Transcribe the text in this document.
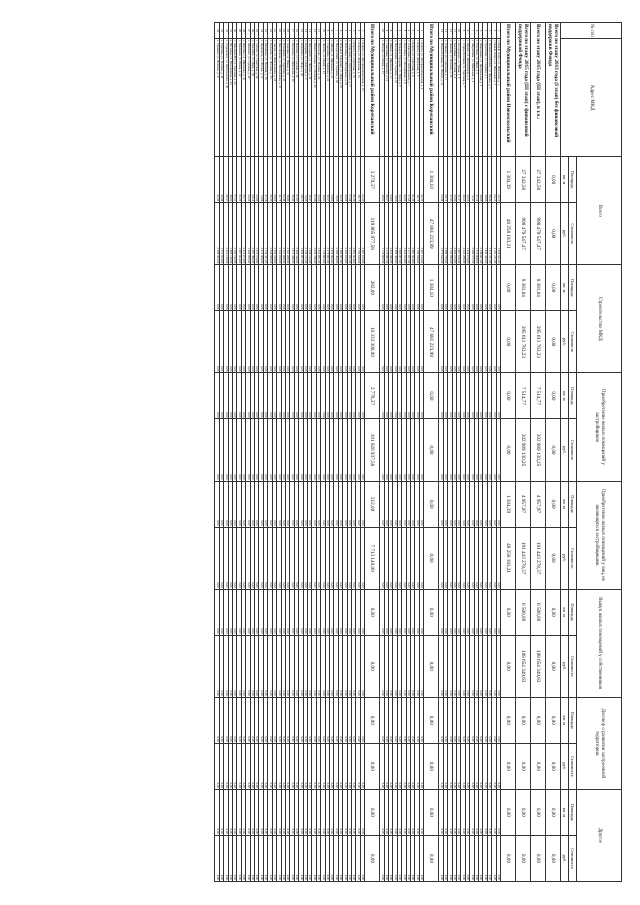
№ п/п	Адрес МКД	Всего		Строительство МКД		Приобретение жилых помещений у застройщиков		Приобретение жилых помещений у лиц, не являющихся застройщиками		Выкуп жилых помещений у собственников		Договор о развитии застроенной территории		Другое	
		Площадь	Стоимость	Площадь	Стоимость	Площадь	Стоимость	Площадь	Стоимость	Площадь	Стоимость	Площадь	Стоимость	Площадь	Стоимость
		кв. м	руб.	кв. м	руб.	кв. м	руб.	кв. м	руб.	кв. м	руб.	кв. м	руб.	кв. м	руб.
Всего по этапу 2013 года (I этап) без финансовой поддержки Фонда		0,00	0,00	0,00	0,00	0,00	0,00	0,00	0,00	0,00	0,00	0,00	0,00	0,00	0,00
Всего по этапу 2015 года (III этап), в т.ч.:		27 342,58	998 479 547,47	8 361,84	395 611 763,23	7 514,77	302 909 130,25	4 957,97	191 443 278,37	6 508,00	108 654 349,63	0,00	0,00	0,00	0,00
Всего по этапу 2015 года (III этап) с финансовой поддержкой Фонда		27 342,58	998 479 547,47	8 361,84	395 611 763,23	7 514,77	302 909 130,25	4 957,97	191 443 278,37	6 508,00	108 654 349,63	0,00	0,00	0,00	0,00
Итого по Муниципальный район Новооскольский		1 304,39	48 258 183,21	0,00	0,00	0,00	0,00	1 304,39	48 258 183,21	0,00	0,00	0,00	0,00	0,00	0,00
1	г. Новый Оскол, ул. Ливенская, д. 1	52,10	1 928 561,00	0,00	0,00	0,00	0,00	0,00	0,00	0,00	0,00	0,00	0,00	0,00	0,00
2	г. Новый Оскол, ул. Ливенская, д. 3	65,14	2 411 211,00	0,00	0,00	0,00	0,00	0,00	0,00	0,00	0,00	0,00	0,00	0,00	0,00
3	с. Великомихайловка, ул. Ленина, д. 5	88,44	3 273 787,00	0,00	0,00	0,00	0,00	0,00	0,00	0,00	0,00	0,00	0,00	0,00	0,00
4	с. Тростенец, ул. Садовая, д. 1	49,80	1 843 422,00	0,00	0,00	0,00	0,00	0,00	0,00	0,00	0,00	0,00	0,00	0,00	0,00
5	с. Николаевка, ул. Центральная, д. 2	58,05	2 148 807,00	0,00	0,00	0,00	0,00	0,00	0,00	0,00	0,00	0,00	0,00	0,00	0,00
6	с. Голубино, ул. Мира, д. 3	37,12	1 374 060,00	0,00	0,00	0,00	0,00	0,00	0,00	0,00	0,00	0,00	0,00	0,00	0,00
7	с. Шараповка, ул. Школьная, д. 4	72,41	2 680 371,00	0,00	0,00	0,00	0,00	0,00	0,00	0,00	0,00	0,00	0,00	0,00	0,00
8	с. Ярское, ул. Молодёжная, д. 6	44,16	1 634 670,00	0,00	0,00	0,00	0,00	0,00	0,00	0,00	0,00	0,00	0,00	0,00	0,00
9	с. Старая Безгинка, ул. Заречная, д. 7	60,33	2 233 208,00	0,00	0,00	0,00	0,00	0,00	0,00	0,00	0,00	0,00	0,00	0,00	0,00
10	с. Богородское, ул. Новая, д. 8	51,27	1 897 836,00	0,00	0,00	0,00	0,00	0,00	0,00	0,00	0,00	0,00	0,00	0,00	0,00
11	с. Киселёвка, ул. Луговая, д. 9	55,90	2 069 226,00	0,00	0,00	0,00	0,00	0,00	0,00	0,00	0,00	0,00	0,00	0,00	0,00
12	с. Львовка, ул. Полевая, д. 10	47,63	1 763 096,00	0,00	0,00	0,00	0,00	0,00	0,00	0,00	0,00	0,00	0,00	0,00	0,00
13	с. Глинное, ул. Советская, д. 11	69,72	2 580 795,00	0,00	0,00	0,00	0,00	0,00	0,00	0,00	0,00	0,00	0,00	0,00	0,00
14	с. Новая Безгинка, ул. Лесная, д. 12	53,48	1 979 642,00	0,00	0,00	0,00	0,00	0,00	0,00	0,00	0,00	0,00	0,00	0,00	0,00
Итого по Муниципальный район Корочанский		1 304,10	47 881 223,99	1 304,10	47 881 223,99	0,00	0,00	0,00	0,00	0,00	0,00	0,00	0,00	0,00	0,00
1	г. Короча, ул. Интернациональная, д. 4	62,30	2 287 613,00	0,00	0,00	0,00	0,00	0,00	0,00	0,00	0,00	0,00	0,00	0,00	0,00
2	г. Короча, ул. Дорожная, д. 5	48,75	1 790 040,00	0,00	0,00	0,00	0,00	0,00	0,00	0,00	0,00	0,00	0,00	0,00	0,00
3	г. Короча, ул. Советская, д. 6	81,20	2 981 564,00	0,00	0,00	0,00	0,00	0,00	0,00	0,00	0,00	0,00	0,00	0,00	0,00
4	с. Алексеевка, ул. Центральная, д. 7	57,68	2 117 957,00	0,00	0,00	0,00	0,00	0,00	0,00	0,00	0,00	0,00	0,00	0,00	0,00
5	с. Бехтеевка, ул. Молодёжная, д. 8	66,04	2 424 924,00	0,00	0,00	0,00	0,00	0,00	0,00	0,00	0,00	0,00	0,00	0,00	0,00
6	с. Большое Городище, ул. Мира, д. 9	43,19	1 585 907,00	0,00	0,00	0,00	0,00	0,00	0,00	0,00	0,00	0,00	0,00	0,00	0,00
7	с. Погореловка, ул. Садовая, д. 10	70,55	2 590 496,00	0,00	0,00	0,00	0,00	0,00	0,00	0,00	0,00	0,00	0,00	0,00	0,00
8	с. Шеино, ул. Школьная, д. 11	54,92	2 016 582,00	0,00	0,00	0,00	0,00	0,00	0,00	0,00	0,00	0,00	0,00	0,00	0,00
9	с. Соколовка, ул. Заречная, д. 12	59,37	2 179 987,00	0,00	0,00	0,00	0,00	0,00	0,00	0,00	0,00	0,00	0,00	0,00	0,00
10	с. Ломово, ул. Новая, д. 13	46,81	1 718 805,00	0,00	0,00	0,00	0,00	0,00	0,00	0,00	0,00	0,00	0,00	0,00	0,00
Итого по Муниципальный район Корочанский		3 270,37	119 865 977,58	282,00	10 333 300,00	2 778,37	101 820 937,58	212,00	7 713 140,00	0,00	0,00	0,00	0,00	0,00	0,00
1	г. Короча, ул. Интернациональная, д. 14	62,30	2 287 613,00	0,00	0,00	0,00	0,00	0,00	0,00	0,00	0,00	0,00	0,00	0,00	0,00
2	г. Короча, ул. Дорожная, д. 15	48,75	1 790 040,00	0,00	0,00	0,00	0,00	0,00	0,00	0,00	0,00	0,00	0,00	0,00	0,00
3	г. Короча, ул. Советская, д. 16	81,20	2 981 564,00	0,00	0,00	0,00	0,00	0,00	0,00	0,00	0,00	0,00	0,00	0,00	0,00
4	с. Алексеевка, ул. Центральная, д. 17	57,68	2 117 957,00	0,00	0,00	0,00	0,00	0,00	0,00	0,00	0,00	0,00	0,00	0,00	0,00
5	с. Бехтеевка, ул. Молодёжная, д. 18	66,04	2 424 924,00	0,00	0,00	0,00	0,00	0,00	0,00	0,00	0,00	0,00	0,00	0,00	0,00
6	с. Большое Городище, ул. Мира, д. 19	43,19	1 585 907,00	0,00	0,00	0,00	0,00	0,00	0,00	0,00	0,00	0,00	0,00	0,00	0,00
7	с. Погореловка, ул. Садовая, д. 20	70,55	2 590 496,00	0,00	0,00	0,00	0,00	0,00	0,00	0,00	0,00	0,00	0,00	0,00	0,00
8	с. Шеино, ул. Школьная, д. 21	54,92	2 016 582,00	0,00	0,00	0,00	0,00	0,00	0,00	0,00	0,00	0,00	0,00	0,00	0,00
9	с. Соколовка, ул. Заречная, д. 22	59,37	2 179 987,00	0,00	0,00	0,00	0,00	0,00	0,00	0,00	0,00	0,00	0,00	0,00	0,00
10	с. Ломово, ул. Новая, д. 23	46,81	1 718 805,00	0,00	0,00	0,00	0,00	0,00	0,00	0,00	0,00	0,00	0,00	0,00	0,00
11	с. Мелихово, ул. Луговая, д. 24	52,64	1 932 891,00	0,00	0,00	0,00	0,00	0,00	0,00	0,00	0,00	0,00	0,00	0,00	0,00
12	с. Новая Слободка, ул. Полевая, д. 25	61,08	2 242 789,00	0,00	0,00	0,00	0,00	0,00	0,00	0,00	0,00	0,00	0,00	0,00	0,00
13	с. Проходное, ул. Лесная, д. 26	39,47	1 449 312,00	0,00	0,00	0,00	0,00	0,00	0,00	0,00	0,00	0,00	0,00	0,00	0,00
14	с. Кощеево, ул. Советская, д. 27	74,26	2 726 727,00	0,00	0,00	0,00	0,00	0,00	0,00	0,00	0,00	0,00	0,00	0,00	0,00
15	с. Ковылёно, ул. Мира, д. 28	50,11	1 839 997,00	0,00	0,00	0,00	0,00	0,00	0,00	0,00	0,00	0,00	0,00	0,00	0,00
16	с. Плоское, ул. Садовая, д. 29	67,93	2 494 326,00	0,00	0,00	0,00	0,00	0,00	0,00	0,00	0,00	0,00	0,00	0,00	0,00
17	с. Яблоново, ул. Школьная, д. 30	45,52	1 671 446,00	0,00	0,00	0,00	0,00	0,00	0,00	0,00	0,00	0,00	0,00	0,00	0,00
18	с. Анновка, ул. Новая, д. 31	58,86	2 161 269,00	0,00	0,00	0,00	0,00	0,00	0,00	0,00	0,00	0,00	0,00	0,00	0,00
19	с. Бубликово, ул. Заречная, д. 32	63,40	2 327 968,00	0,00	0,00	0,00	0,00	0,00	0,00	0,00	0,00	0,00	0,00	0,00	0,00
20	с. Жигайловка, ул. Молодёжная, д. 33	41,75	1 533 030,00	0,00	0,00	0,00	0,00	0,00	0,00	0,00	0,00	0,00	0,00	0,00	0,00
21	с. Заячье, ул. Центральная, д. 34	69,02	2 534 350,00	0,00	0,00	0,00	0,00	0,00	0,00	0,00	0,00	0,00	0,00	0,00	0,00
22	с. Кузькино, ул. Луговая, д. 35	55,30	2 030 598,00	0,00	0,00	0,00	0,00	0,00	0,00	0,00	0,00	0,00	0,00	0,00	0,00
23	с. Мазикино, ул. Полевая, д. 36	47,18	1 732 427,00	0,00	0,00	0,00	0,00	0,00	0,00	0,00	0,00	0,00	0,00	0,00	0,00
24	с. Правороть, ул. Лесная, д. 37	72,84	2 674 580,00	0,00	0,00	0,00	0,00	0,00	0,00	0,00	0,00	0,00	0,00	0,00	0,00
25	с. Сетное, ул. Советская, д. 38	53,66	1 970 376,00	0,00	0,00	0,00	0,00	0,00	0,00	0,00	0,00	0,00	0,00	0,00	0,00
26	с. Хмелевое, ул. Мира, д. 39	60,12	2 207 496,00	0,00	0,00	0,00	0,00	0,00	0,00	0,00	0,00	0,00	0,00	0,00	0,00
27	с. Шляхово, ул. Садовая, д. 40	44,39	1 629 999,00	0,00	0,00	0,00	0,00	0,00	0,00	0,00	0,00	0,00	0,00	0,00	0,00
28	с. Поповка, ул. Школьная, д. 41	65,77	2 415 074,00	0,00	0,00	0,00	0,00	0,00	0,00	0,00	0,00	0,00	0,00	0,00	0,00
29	с. Кривцово, ул. Новая, д. 42	51,95	1 907 604,00	0,00	0,00	0,00	0,00	0,00	0,00	0,00	0,00	0,00	0,00	0,00	0,00
30	с. Липовый Лог, ул. Заречная, д. 43	57,21	2 100 752,00	0,00	0,00	0,00	0,00	0,00	0,00	0,00	0,00	0,00	0,00	0,00	0,00
31	с. Песчанка, ул. Молодёжная, д. 44	49,04	1 800 749,00	0,00	0,00	0,00	0,00	0,00	0,00	0,00	0,00	0,00	0,00	0,00	0,00
32	с. Сторожевое, ул. Центральная, д. 45	68,47	2 514 218,00	0,00	0,00	0,00	0,00	0,00	0,00	0,00	0,00	0,00	0,00	0,00	0,00
33	с. Терновка, ул. Луговая, д. 46	42,88	1 574 554,00	0,00	0,00	0,00	0,00	0,00	0,00	0,00	0,00	0,00	0,00	0,00	0,00
34	с. Ушаково, ул. Полевая, д. 47	62,59	2 298 305,00	0,00	0,00	0,00	0,00	0,00	0,00	0,00	0,00	0,00	0,00	0,00	0,00
